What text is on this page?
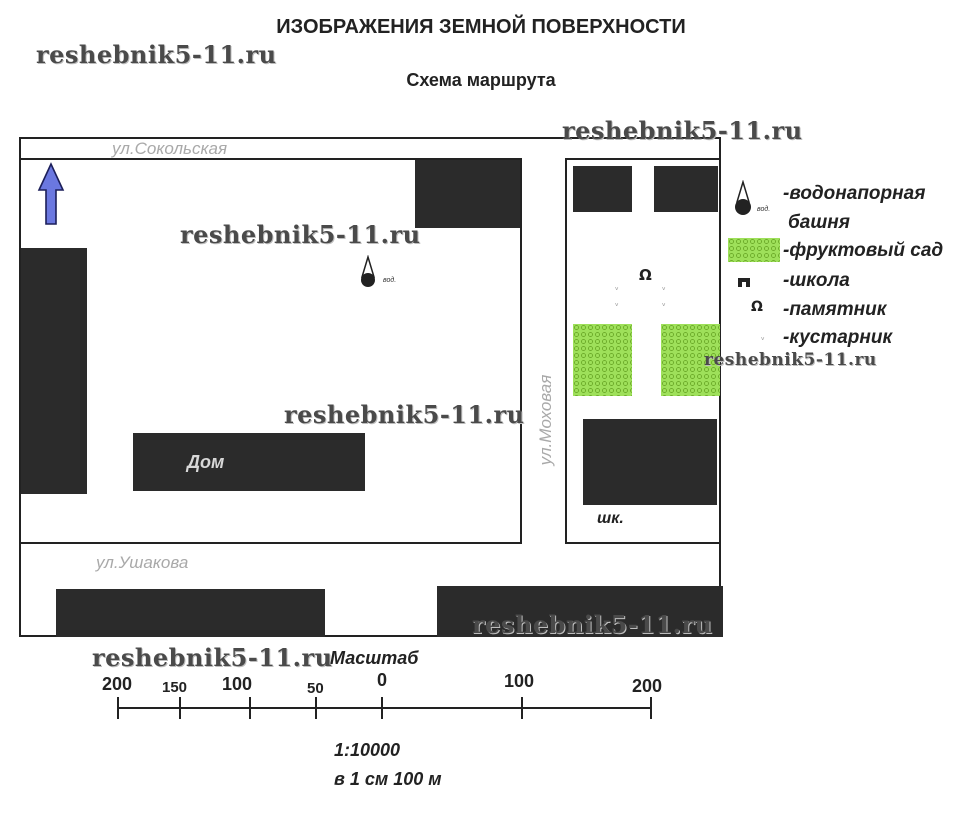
ИЗОБРАЖЕНИЯ ЗЕМНОЙ ПОВЕРХНОСТИ
Схема маршрута
Дом
шк.
Ω
ᵥ	ᵥ
ᵥ	ᵥ
вод.
ул.Сокольская
ул.Ушакова
ул.Моховая
вод.
-водонапорная
башня
-фруктовый сад
-школа
Ω -памятник
ᵥ -кустарник
Масштаб
200 150 100	50	0	100	200
1:10000
в 1 см 100 м
reshebnik5-11.ru
reshebnik5-11.ru
reshebnik5-11.ru
reshebnik5-11.ru
reshebnik5-11.ru
reshebnik5-11.ru
reshebnik5-11.ru
